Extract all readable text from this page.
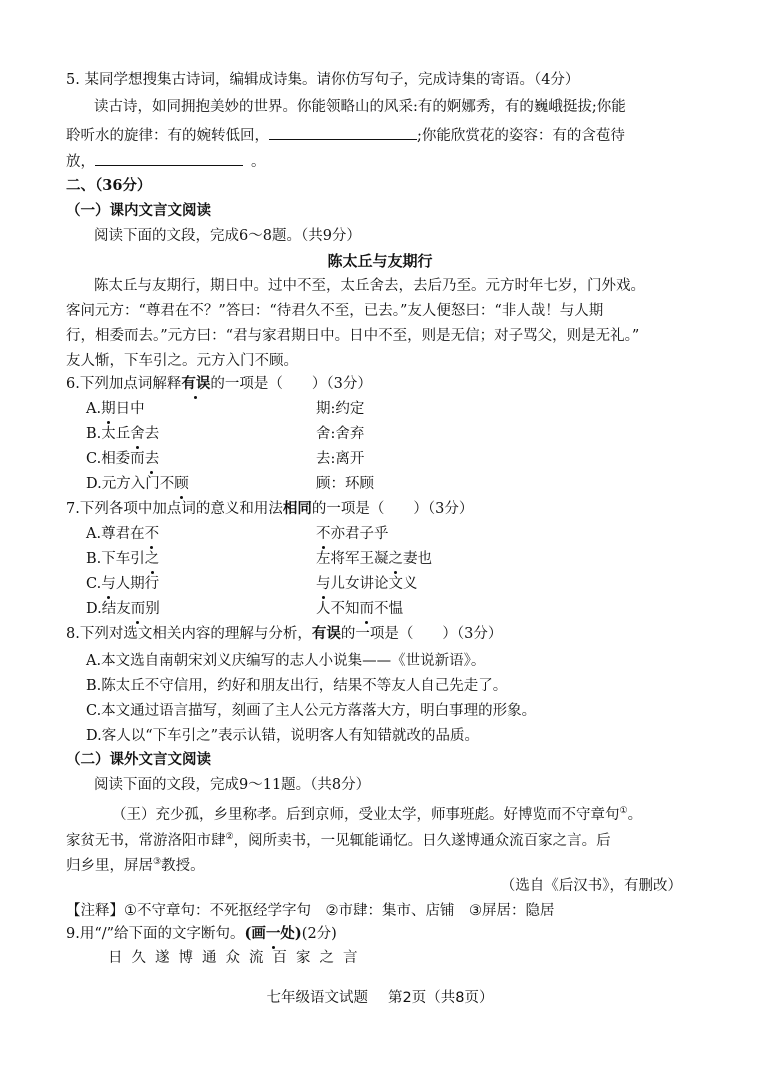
5. 某同学想搜集古诗词，编辑成诗集。请你仿写句子，完成诗集的寄语。（4分）
读古诗，如同拥抱美妙的世界。你能领略山的风采:有的婀娜秀，有的巍峨挺拔;你能
聆听水的旋律：有的婉转低回，	;你能欣赏花的姿容：有的含苞待
放，	。
二、（36分）
（一）课内文言文阅读
阅读下面的文段，完成6～8题。（共9分）
陈太丘与友期行
陈太丘与友期行，期日中。过中不至，太丘舍去，去后乃至。元方时年七岁，门外戏。
客问元方：“尊君在不？”答曰：“待君久不至，已去。”友人便怒曰：“非人哉！与人期
行，相委而去。”元方曰：“君与家君期日中。日中不至，则是无信；对子骂父，则是无礼。”
友人惭，下车引之。元方入门不顾。
6.下列加点词解释有误的一项是（　　）（3分）
A.期日中	期:约定
B.太丘舍去	舍:舍弃
C.相委而去	去:离开
D.元方入门不顾	顾：环顾
7.下列各项中加点词的意义和用法相同的一项是（　　）（3分）
A.尊君在不	不亦君子乎
B.下车引之	左将军王凝之妻也
C.与人期行	与儿女讲论文义
D.结友而别	人不知而不愠
8.下列对选文相关内容的理解与分析，有误的一项是（　　）（3分）
A.本文选自南朝宋刘义庆编写的志人小说集——《世说新语》。
B.陈太丘不守信用，约好和朋友出行，结果不等友人自己先走了。
C.本文通过语言描写，刻画了主人公元方落落大方，明白事理的形象。
D.客人以“下车引之”表示认错，说明客人有知错就改的品质。
（二）课外文言文阅读
阅读下面的文段，完成9～11题。（共8分）
（王）充少孤，乡里称孝。后到京师，受业太学，师事班彪。好博览而不守章句①。
家贫无书，常游洛阳市肆②，阅所卖书，一见辄能诵忆。日久遂博通众流百家之言。后
归乡里，屏居③教授。
（选自《后汉书》，有删改）
【注释】①不守章句：不死抠经学字句　②市肆：集市、店铺　③屏居：隐居
9.用“/”给下面的文字断句。(画一处)(2分)
日久遂博通众流百家之言
七年级语文试题 第2页（共8页）
